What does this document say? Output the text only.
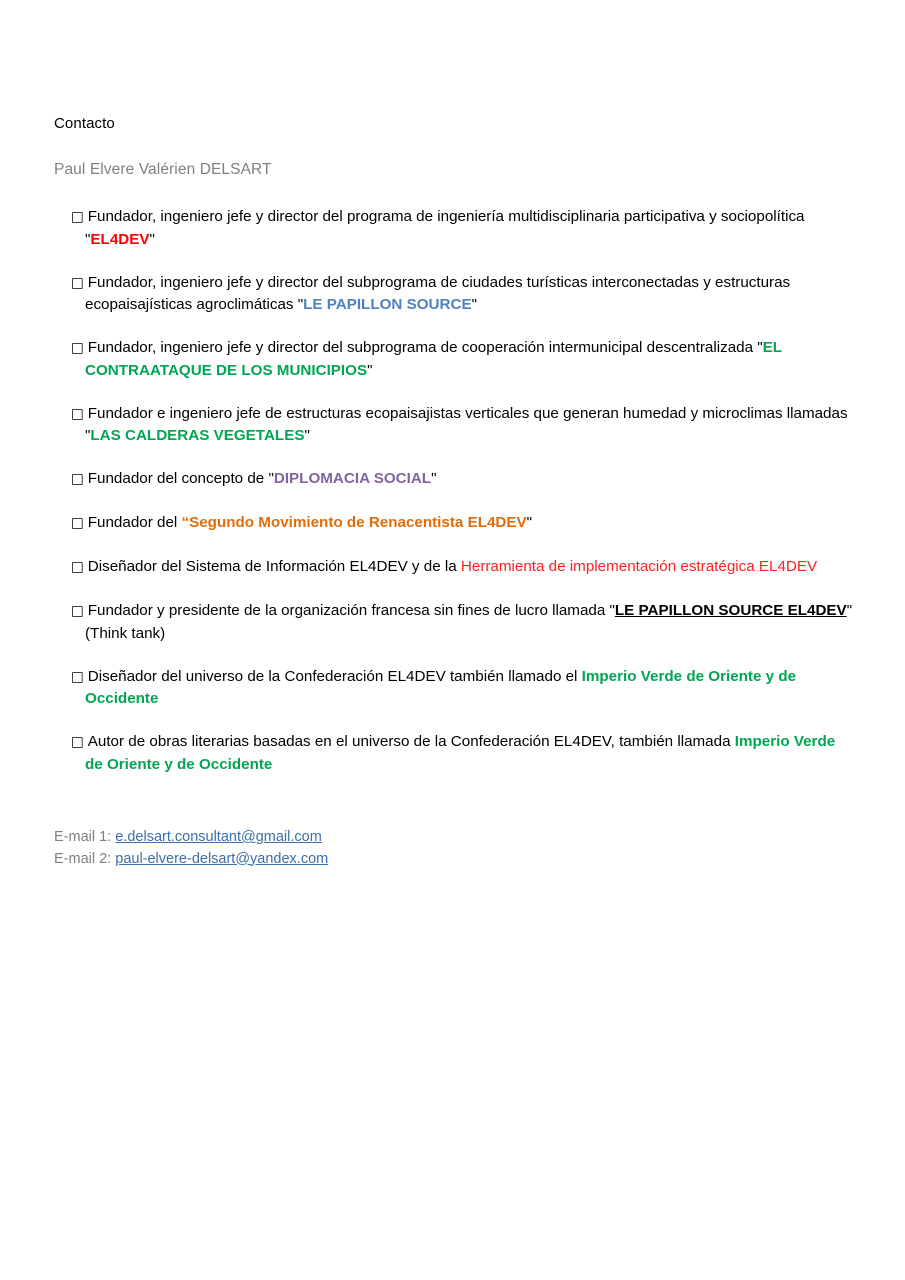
Contacto

Paul Elvere Valérien DELSART

□ Fundador, ingeniero jefe y director del programa de ingeniería multidisciplinaria participativa y sociopolítica "EL4DEV"
□ Fundador, ingeniero jefe y director del subprograma de ciudades turísticas interconectadas y estructuras ecopaisajísticas agroclimáticas "LE PAPILLON SOURCE"
□ Fundador, ingeniero jefe y director del subprograma de cooperación intermunicipal descentralizada "EL CONTRAATAQUE DE LOS MUNICIPIOS"
□ Fundador e ingeniero jefe de estructuras ecopaisajistas verticales que generan humedad y microclimas llamadas "LAS CALDERAS VEGETALES"
□ Fundador del concepto de "DIPLOMACIA SOCIAL"
□ Fundador del “Segundo Movimiento de Renacentista EL4DEV"
□ Diseñador del Sistema de Información EL4DEV y de la Herramienta de implementación estratégica EL4DEV
□ Fundador y presidente de la organización francesa sin fines de lucro llamada "LE PAPILLON SOURCE EL4DEV" (Think tank)
□ Diseñador del universo de la Confederación EL4DEV también llamado el Imperio Verde de Oriente y de Occidente
□ Autor de obras literarias basadas en el universo de la Confederación EL4DEV, también llamada Imperio Verde de Oriente y de Occidente
E-mail 1: e.delsart.consultant@gmail.com
E-mail 2: paul-elvere-delsart@yandex.com
